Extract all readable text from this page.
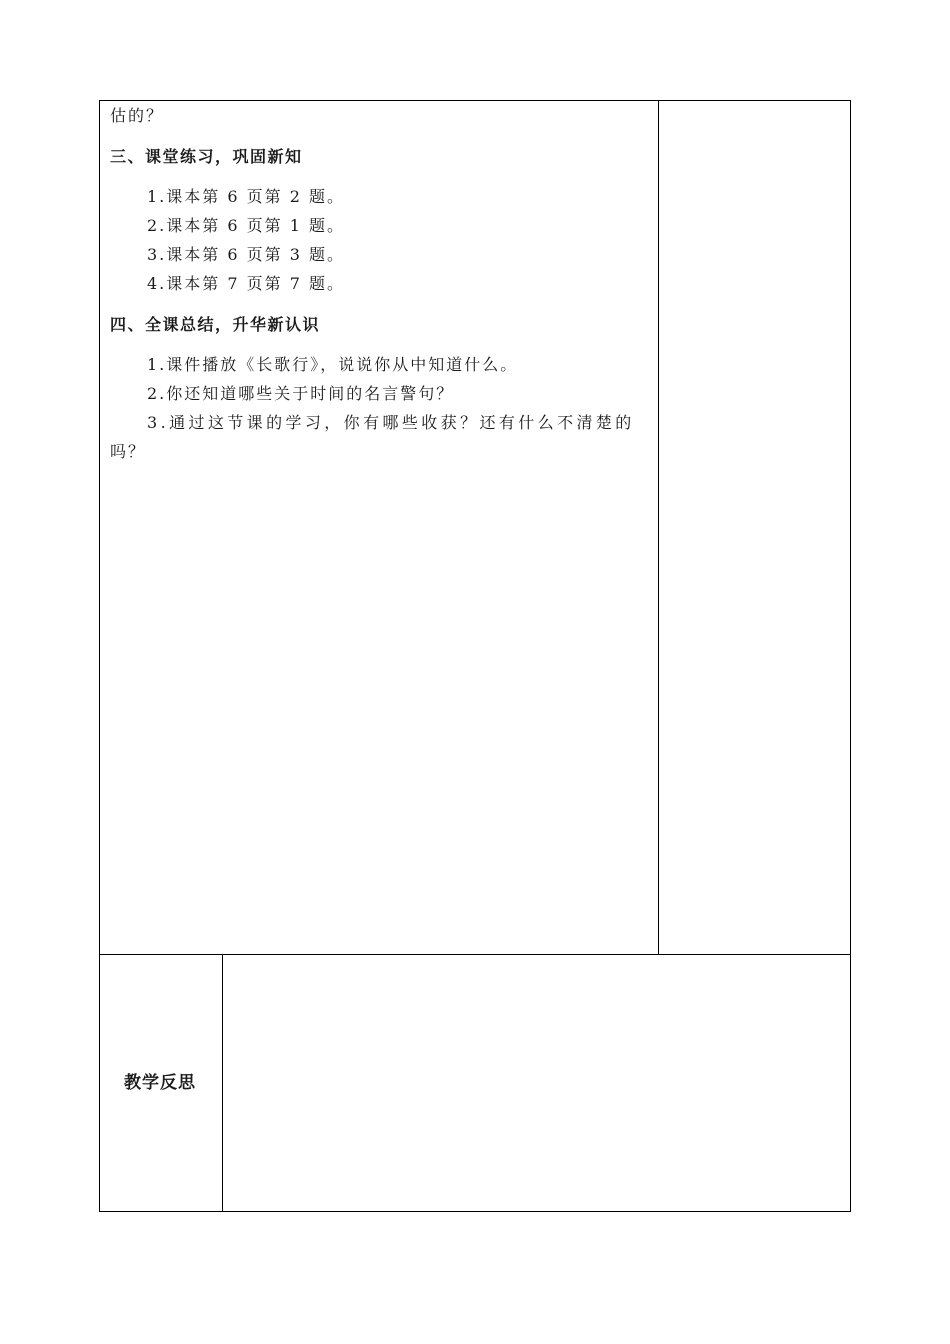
估的？
三、课堂练习，巩固新知
1.课本第 6 页第 2 题。
2.课本第 6 页第 1 题。
3.课本第 6 页第 3 题。
4.课本第 7 页第 7 题。
四、全课总结，升华新认识
1.课件播放《长歌行》，说说你从中知道什么。
2.你还知道哪些关于时间的名言警句？
3.通过这节课的学习，你有哪些收获？还有什么不清楚的
吗？
教学反思
